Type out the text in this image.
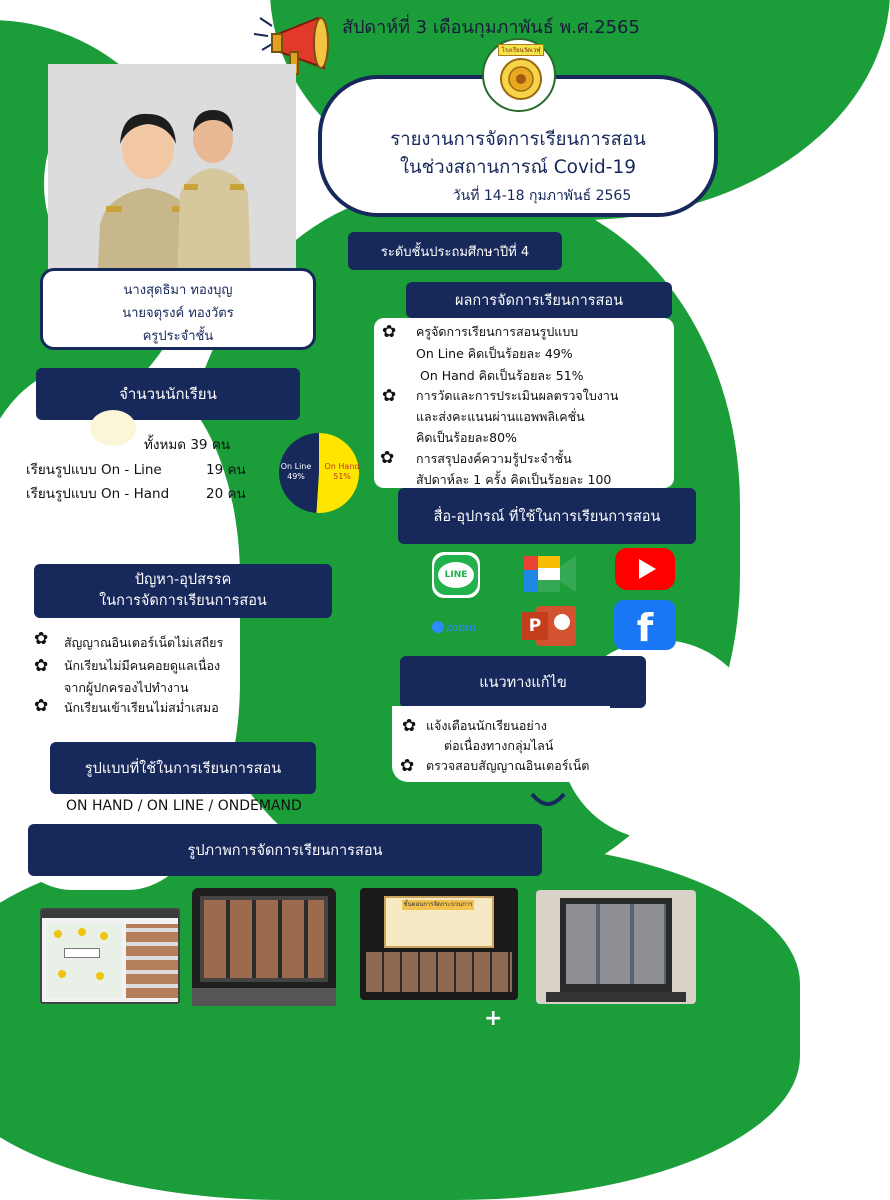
สัปดาห์ที่ 3 เดือนกุมภาพันธ์ พ.ศ.2565
รายงานการจัดการเรียนการสอน
ในช่วงสถานการณ์ Covid-19
วันที่ 14-18 กุมภาพันธ์ 2565
โรงเรียนวัดเวฬุ
นางสุดธิมา ทองบุญ
นายจตุรงค์ ทองวัตร
ครูประจำชั้น
ระดับชั้นประถมศึกษาปีที่ 4
ผลการจัดการเรียนการสอน
✿ ครูจัดการเรียนการสอนรูปแบบ
On Line คิดเป็นร้อยละ 49%
On Hand คิดเป็นร้อยละ 51%
✿ การวัดและการประเมินผลตรวจใบงาน
และส่งคะแนนผ่านแอพพลิเคชั่น
คิดเป็นร้อยละ80%
✿ การสรุปองค์ความรู้ประจำชั้น
สัปดาห์ละ 1 ครั้ง คิดเป็นร้อยละ 100
จำนวนนักเรียน
ทั้งหมด 39 คน
เรียนรูปแบบ On - Line	19 คน
เรียนรูปแบบ On - Hand	20 คน
On Line
49%
On Hand
51%
สื่อ-อุปกรณ์ ที่ใช้ในการเรียนการสอน
LINE
zoom	P	f
ปัญหา-อุปสรรค
ในการจัดการเรียนการสอน
✿ สัญญาณอินเตอร์เน็ตไม่เสถียร
✿ นักเรียนไม่มีคนคอยดูแลเนื่อง
จากผู้ปกครองไปทำงาน
✿ นักเรียนเข้าเรียนไม่สม่ำเสมอ
แนวทางแก้ไข
✿ แจ้งเตือนนักเรียนอย่าง
ต่อเนื่องทางกลุ่มไลน์
✿ ตรวจสอบสัญญาณอินเตอร์เน็ต
รูปแบบที่ใช้ในการเรียนการสอน
ON HAND / ON LINE / ONDEMAND
รูปภาพการจัดการเรียนการสอน
ชั้นตอนการจัดกระบวนการ
+
